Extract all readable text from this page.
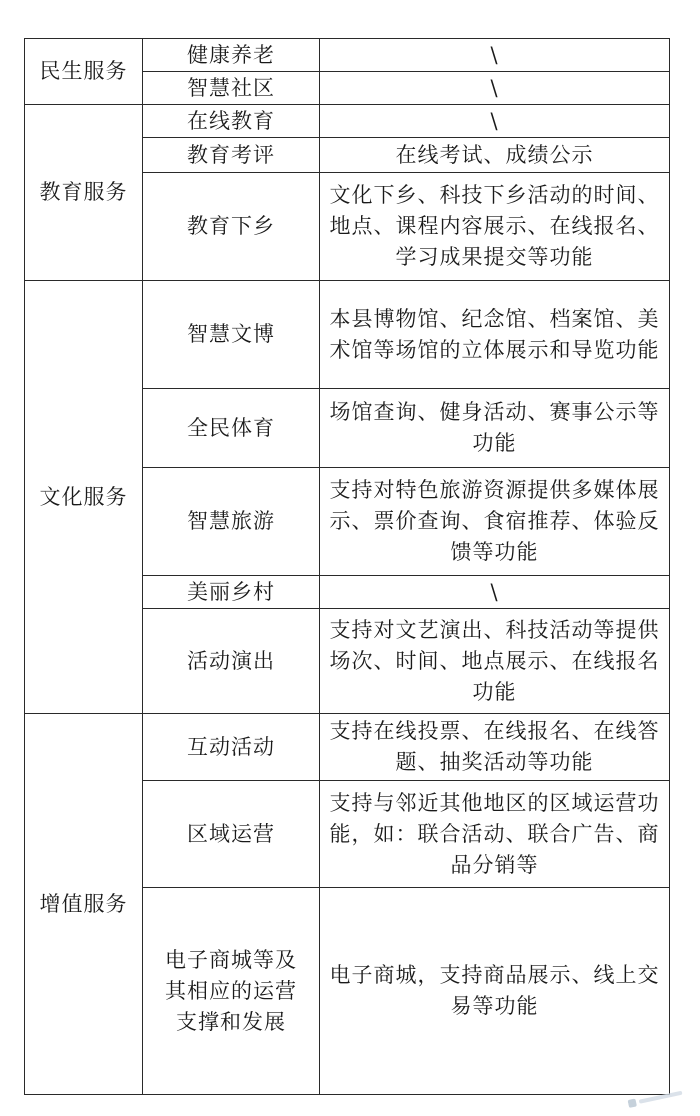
民生服务	健康养老	\
	智慧社区	\
教育服务	在线教育	\
	教育考评	在线考试、成绩公示
	教育下乡	文化下乡、科技下乡活动的时间、地点、课程内容展示、在线报名、学习成果提交等功能
文化服务	智慧文博	本县博物馆、纪念馆、档案馆、美术馆等场馆的立体展示和导览功能
	全民体育	场馆查询、健身活动、赛事公示等功能
	智慧旅游	支持对特色旅游资源提供多媒体展示、票价查询、食宿推荐、体验反馈等功能
	美丽乡村	\
	活动演出	支持对文艺演出、科技活动等提供场次、时间、地点展示、在线报名功能
增值服务	互动活动	支持在线投票、在线报名、在线答题、抽奖活动等功能
	区域运营	支持与邻近其他地区的区域运营功能，如：联合活动、联合广告、商品分销等
	电子商城等及其相应的运营支撑和发展	电子商城，支持商品展示、线上交易等功能
